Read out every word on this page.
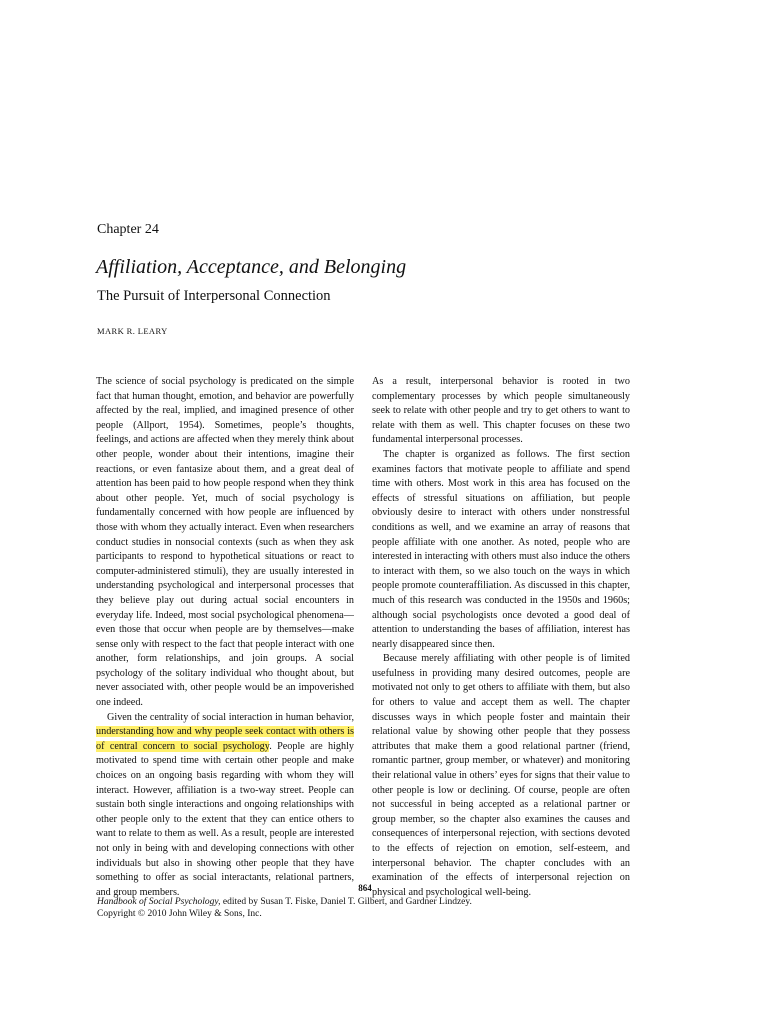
Chapter 24
Affiliation, Acceptance, and Belonging
The Pursuit of Interpersonal Connection
MARK R. LEARY

The science of social psychology is predicated on the simple fact that human thought, emotion, and behavior are powerfully affected by the real, implied, and imagined presence of other people (Allport, 1954). Sometimes, people’s thoughts, feelings, and actions are affected when they merely think about other people, wonder about their intentions, imagine their reactions, or even fantasize about them, and a great deal of attention has been paid to how people respond when they think about other people. Yet, much of social psychology is fundamentally concerned with how people are influenced by those with whom they actually interact. Even when researchers conduct studies in nonsocial contexts (such as when they ask participants to respond to hypothetical situations or react to computer-administered stimuli), they are usually interested in understanding psychological and interpersonal processes that they believe play out during actual social encounters in everyday life. Indeed, most social psychological phenomena—even those that occur when people are by themselves—make sense only with respect to the fact that people interact with one another, form relationships, and join groups. A social psychology of the solitary individual who thought about, but never associated with, other people would be an impoverished one indeed.

Given the centrality of social interaction in human behavior, understanding how and why people seek contact with others is of central concern to social psychology. People are highly motivated to spend time with certain other people and make choices on an ongoing basis regarding with whom they will interact. However, affiliation is a two-way street. People can sustain both single interactions and ongoing relationships with other people only to the extent that they can entice others to want to relate to them as well. As a result, people are interested not only in being with and developing connections with other individuals but also in showing other people that they have something to offer as social interactants, relational partners, and group members.

As a result, interpersonal behavior is rooted in two complementary processes by which people simultaneously seek to relate with other people and try to get others to want to relate with them as well. This chapter focuses on these two fundamental interpersonal processes.

The chapter is organized as follows. The first section examines factors that motivate people to affiliate and spend time with others. Most work in this area has focused on the effects of stressful situations on affiliation, but people obviously desire to interact with others under nonstressful conditions as well, and we examine an array of reasons that people affiliate with one another. As noted, people who are interested in interacting with others must also induce the others to interact with them, so we also touch on the ways in which people promote counteraffiliation. As discussed in this chapter, much of this research was conducted in the 1950s and 1960s; although social psychologists once devoted a good deal of attention to understanding the bases of affiliation, interest has nearly disappeared since then.

Because merely affiliating with other people is of limited usefulness in providing many desired outcomes, people are motivated not only to get others to affiliate with them, but also for others to value and accept them as well. The chapter discusses ways in which people foster and maintain their relational value by showing other people that they possess attributes that make them a good relational partner (friend, romantic partner, group member, or whatever) and monitoring their relational value in others’ eyes for signs that their value to other people is low or declining. Of course, people are often not successful in being accepted as a relational partner or group member, so the chapter also examines the causes and consequences of interpersonal rejection, with sections devoted to the effects of rejection on emotion, self-esteem, and interpersonal behavior. The chapter concludes with an examination of the effects of interpersonal rejection on physical and psychological well-being.

864
Handbook of Social Psychology, edited by Susan T. Fiske, Daniel T. Gilbert, and Gardner Lindzey.
Copyright © 2010 John Wiley & Sons, Inc.
